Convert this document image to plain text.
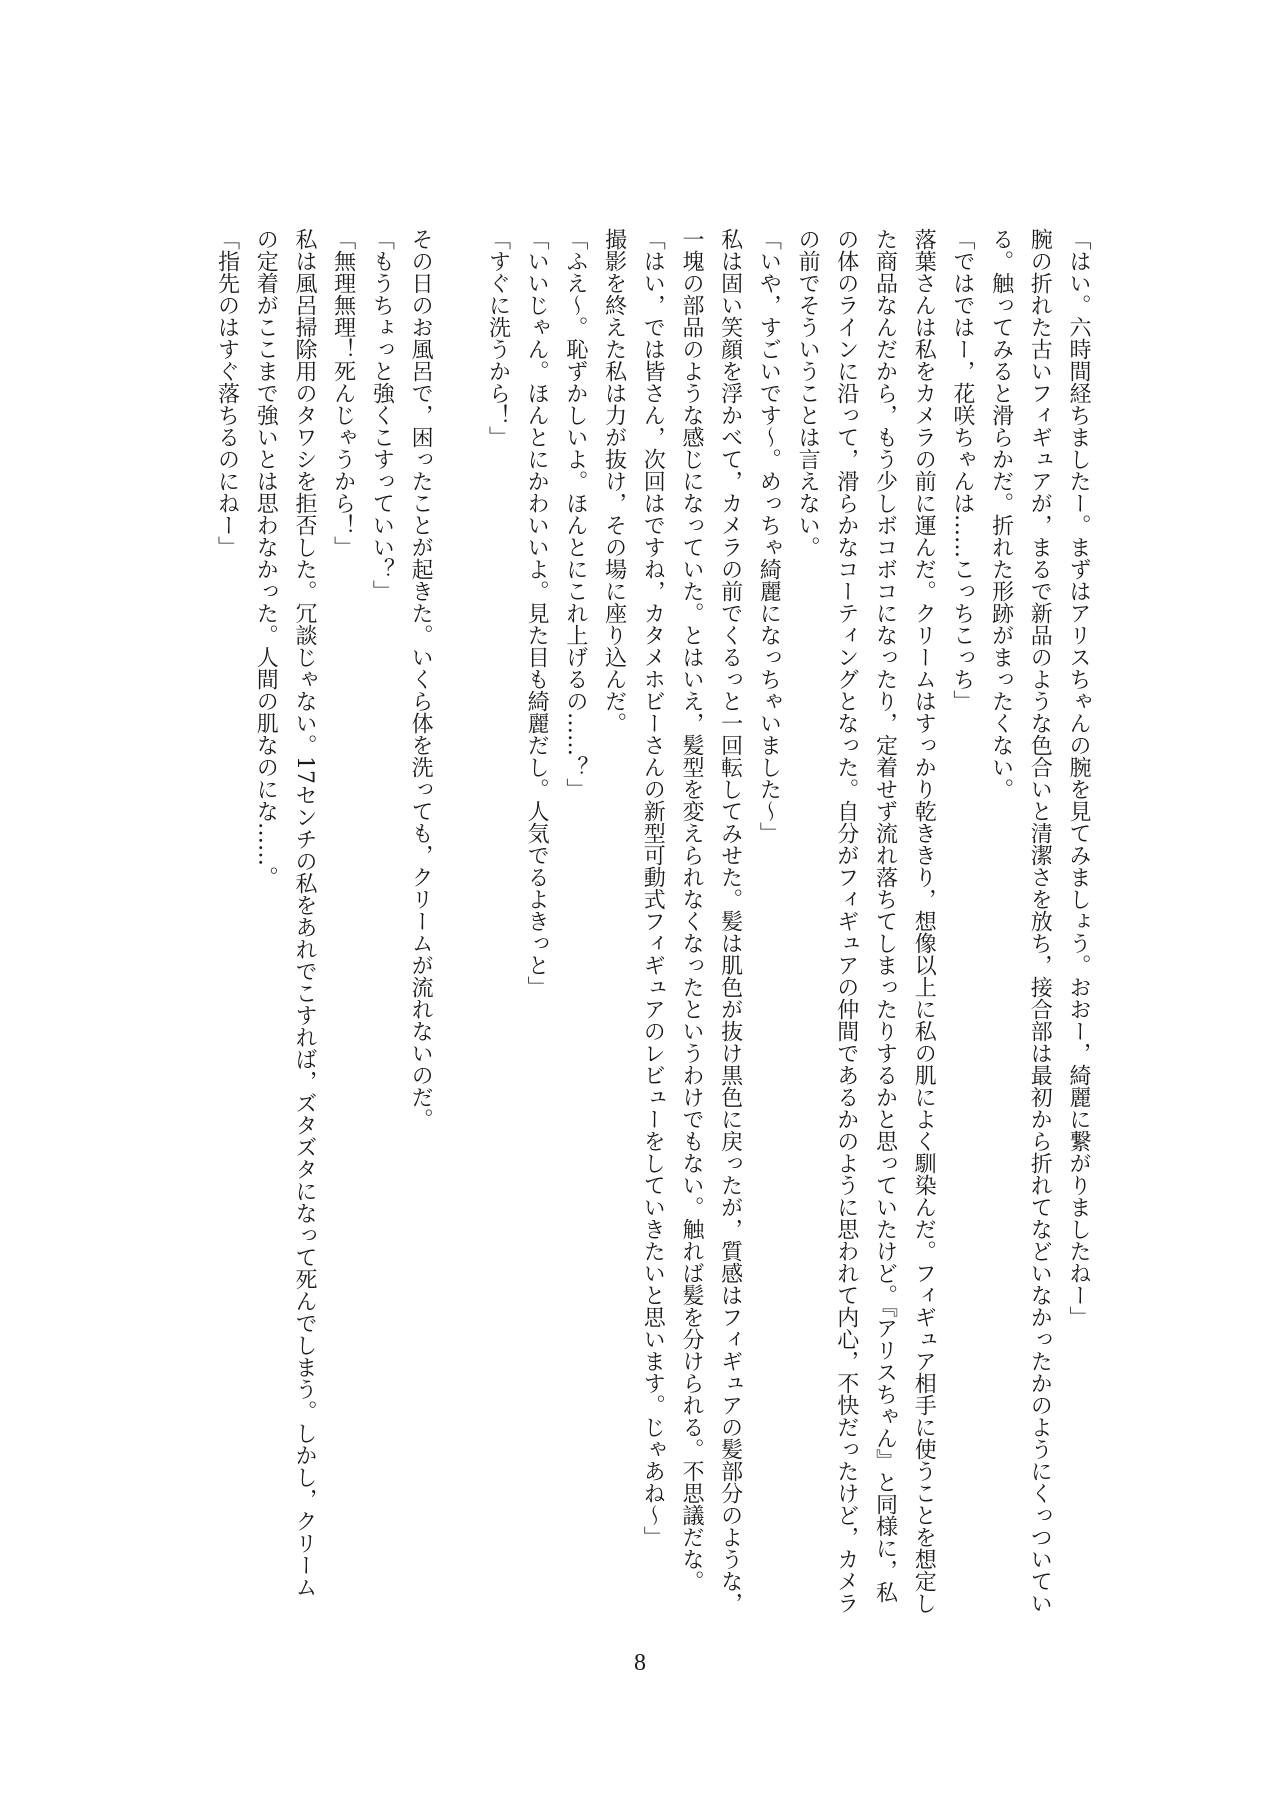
「はい。六時間経ちましたー。まずはアリスちゃんの腕を見てみましょう。おおー，綺麗に繋がりましたねー」
腕の折れた古いフィギュアが，まるで新品のような色合いと清潔さを放ち，接合部は最初から折れてなどいなかったかのようにくっついてい
る。触ってみると滑らかだ。折れた形跡がまったくない。
「ではではー，花咲ちゃんは……こっちこっち」
落葉さんは私をカメラの前に運んだ。クリームはすっかり乾ききり，想像以上に私の肌によく馴染んだ。フィギュア相手に使うことを想定し
た商品なんだから，もう少しボコボコになったり，定着せず流れ落ちてしまったりするかと思っていたけど。『アリスちゃん』と同様に，私
の体のラインに沿って，滑らかなコーティングとなった。自分がフィギュアの仲間であるかのように思われて内心，不快だったけど，カメラ
の前でそういうことは言えない。
「いや，すごいです～。めっちゃ綺麗になっちゃいました～」
私は固い笑顔を浮かべて，カメラの前でくるっと一回転してみせた。髪は肌色が抜け黒色に戻ったが，質感はフィギュアの髪部分のような，
一塊の部品のような感じになっていた。とはいえ，髪型を変えられなくなったというわけでもない。触れば髪を分けられる。不思議だな。
「はい，では皆さん，次回はですね，カタメホビーさんの新型可動式フィギュアのレビューをしていきたいと思います。じゃあね～」
撮影を終えた私は力が抜け，その場に座り込んだ。
「ふえ～。恥ずかしいよ。ほんとにこれ上げるの……？」
「いいじゃん。ほんとにかわいいよ。見た目も綺麗だし。人気でるよきっと」
「すぐに洗うから！」
その日のお風呂で，困ったことが起きた。いくら体を洗っても，クリームが流れないのだ。
「もうちょっと強くこすっていい？」
「無理無理！死んじゃうから！」
私は風呂掃除用のタワシを拒否した。冗談じゃない。17センチの私をあれでこすれば，ズタズタになって死んでしまう。しかし，クリーム
の定着がここまで強いとは思わなかった。人間の肌なのにな……。
「指先のはすぐ落ちるのにねー」
8
